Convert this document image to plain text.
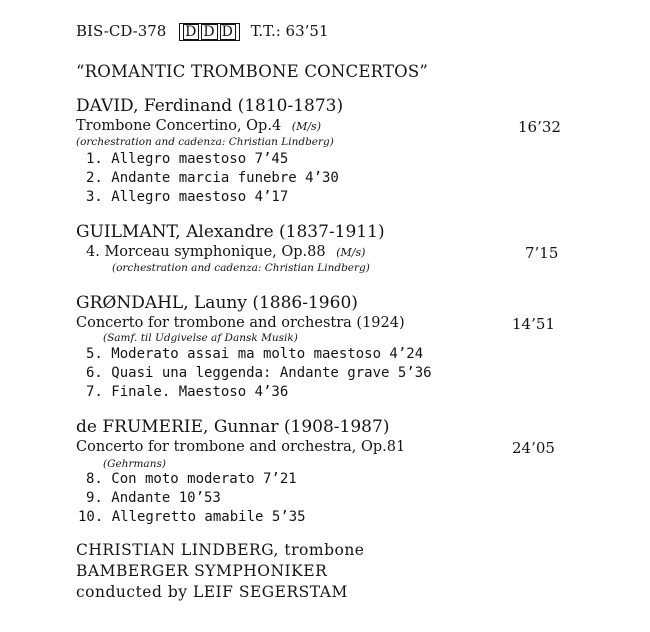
BIS-CD-378 D D D T.T.: 63’51
“ROMANTIC TROMBONE CONCERTOS”
DAVID, Ferdinand (1810-1873)
Trombone Concertino, Op.4 (M/s)	16’32
(orchestration and cadenza: Christian Lindberg)
1. Allegro maestoso 7’45
2. Andante marcia funebre 4’30
3. Allegro maestoso 4’17
GUILMANT, Alexandre (1837-1911)
4. Morceau symphonique, Op.88 (M/s)	7’15
(orchestration and cadenza: Christian Lindberg)
GRØNDAHL, Launy (1886-1960)
Concerto for trombone and orchestra (1924)	14’51
(Samf. til Udgivelse af Dansk Musik)
5. Moderato assai ma molto maestoso 4’24
6. Quasi una leggenda: Andante grave 5’36
7. Finale. Maestoso 4’36
de FRUMERIE, Gunnar (1908-1987)
Concerto for trombone and orchestra, Op.81	24’05
(Gehrmans)
8. Con moto moderato 7’21
9. Andante 10’53
10. Allegretto amabile 5’35
CHRISTIAN LINDBERG, trombone
BAMBERGER SYMPHONIKER
conducted by LEIF SEGERSTAM
